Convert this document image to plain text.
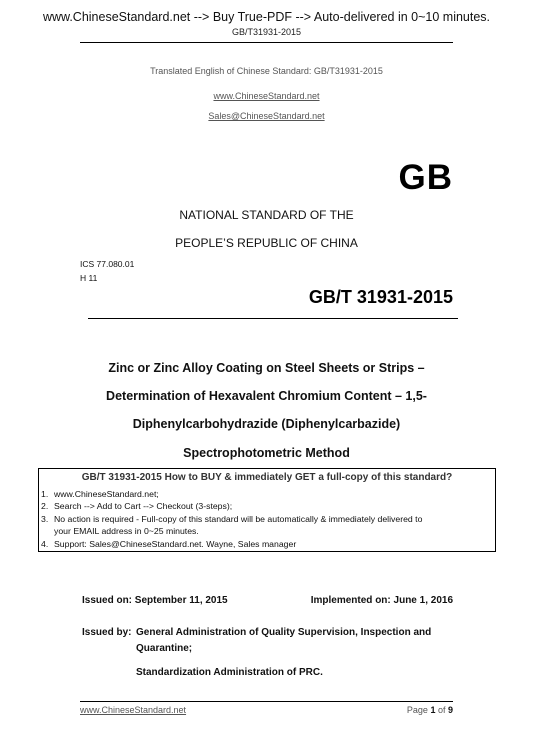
www.ChineseStandard.net --> Buy True-PDF --> Auto-delivered in 0~10 minutes.
GB/T31931-2015
Translated English of Chinese Standard: GB/T31931-2015
www.ChineseStandard.net
Sales@ChineseStandard.net
GB
NATIONAL STANDARD OF THE
PEOPLE’S REPUBLIC OF CHINA
ICS 77.080.01
H 11
GB/T 31931-2015
Zinc or Zinc Alloy Coating on Steel Sheets or Strips –
Determination of Hexavalent Chromium Content – 1,5-
Diphenylcarbohydrazide (Diphenylcarbazide)
Spectrophotometric Method
GB/T 31931-2015 How to BUY & immediately GET a full-copy of this standard?
1. www.ChineseStandard.net;
2. Search --> Add to Cart --> Checkout (3-steps);
3. No action is required - Full-copy of this standard will be automatically & immediately delivered to
your EMAIL address in 0~25 minutes.
4. Support: Sales@ChineseStandard.net. Wayne, Sales manager
Issued on: September 11, 2015	Implemented on: June 1, 2016
Issued by: General Administration of Quality Supervision, Inspection and
Quarantine;
Standardization Administration of PRC.
www.ChineseStandard.net	Page 1 of 9
